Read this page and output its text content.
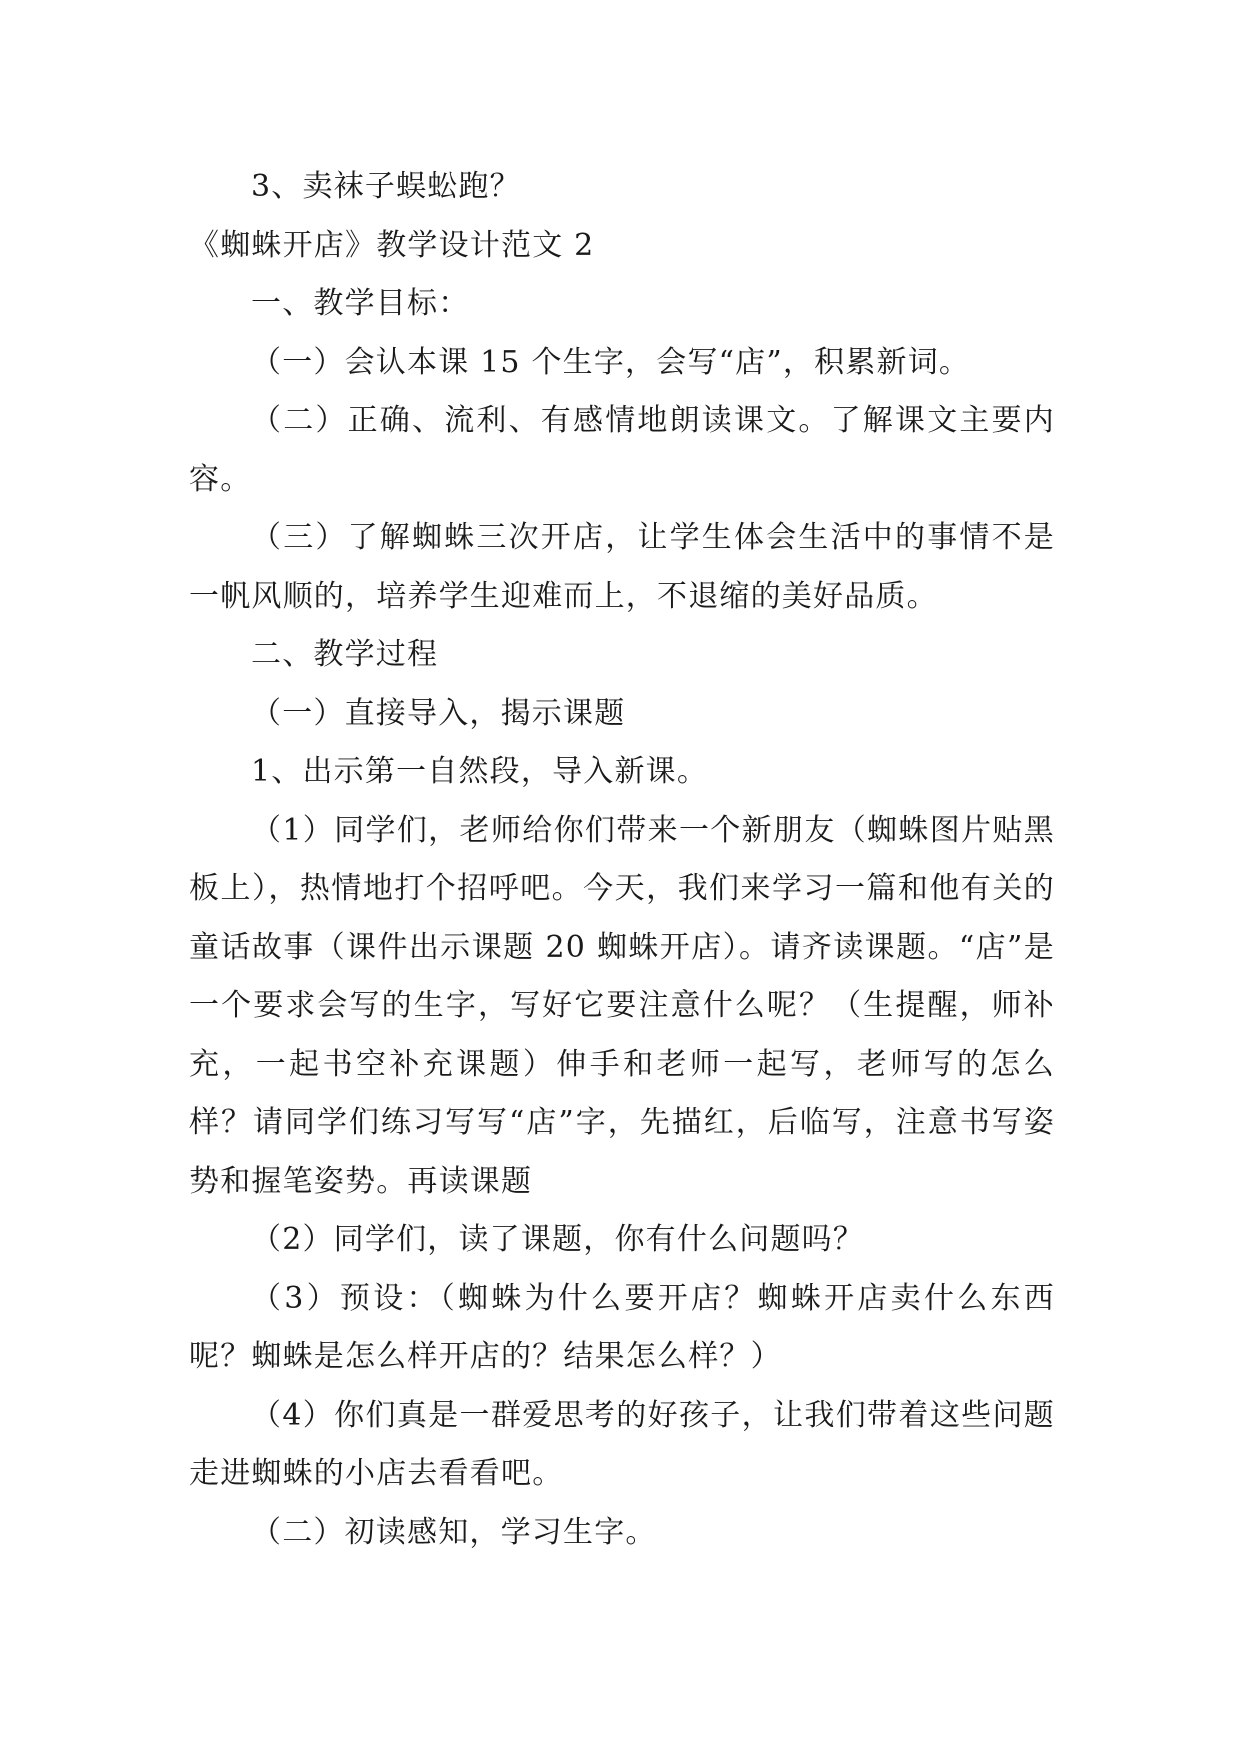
3、卖袜子蜈蚣跑？

《蜘蛛开店》教学设计范文 2

一、教学目标：

（一）会认本课 15 个生字，会写“店”，积累新词。

（二）正确、流利、有感情地朗读课文。了解课文主要内容。

（三）了解蜘蛛三次开店，让学生体会生活中的事情不是一帆风顺的，培养学生迎难而上，不退缩的美好品质。

二、教学过程

（一）直接导入，揭示课题

1、出示第一自然段，导入新课。

（1）同学们，老师给你们带来一个新朋友（蜘蛛图片贴黑板上），热情地打个招呼吧。今天，我们来学习一篇和他有关的童话故事（课件出示课题 20 蜘蛛开店）。请齐读课题。“店”是一个要求会写的生字，写好它要注意什么呢？（生提醒，师补充，一起书空补充课题）伸手和老师一起写，老师写的怎么样？请同学们练习写写“店”字，先描红，后临写，注意书写姿势和握笔姿势。再读课题

（2）同学们，读了课题，你有什么问题吗？

（3）预设：（蜘蛛为什么要开店？蜘蛛开店卖什么东西呢？蜘蛛是怎么样开店的？结果怎么样？）

（4）你们真是一群爱思考的好孩子，让我们带着这些问题走进蜘蛛的小店去看看吧。

（二）初读感知，学习生字。
